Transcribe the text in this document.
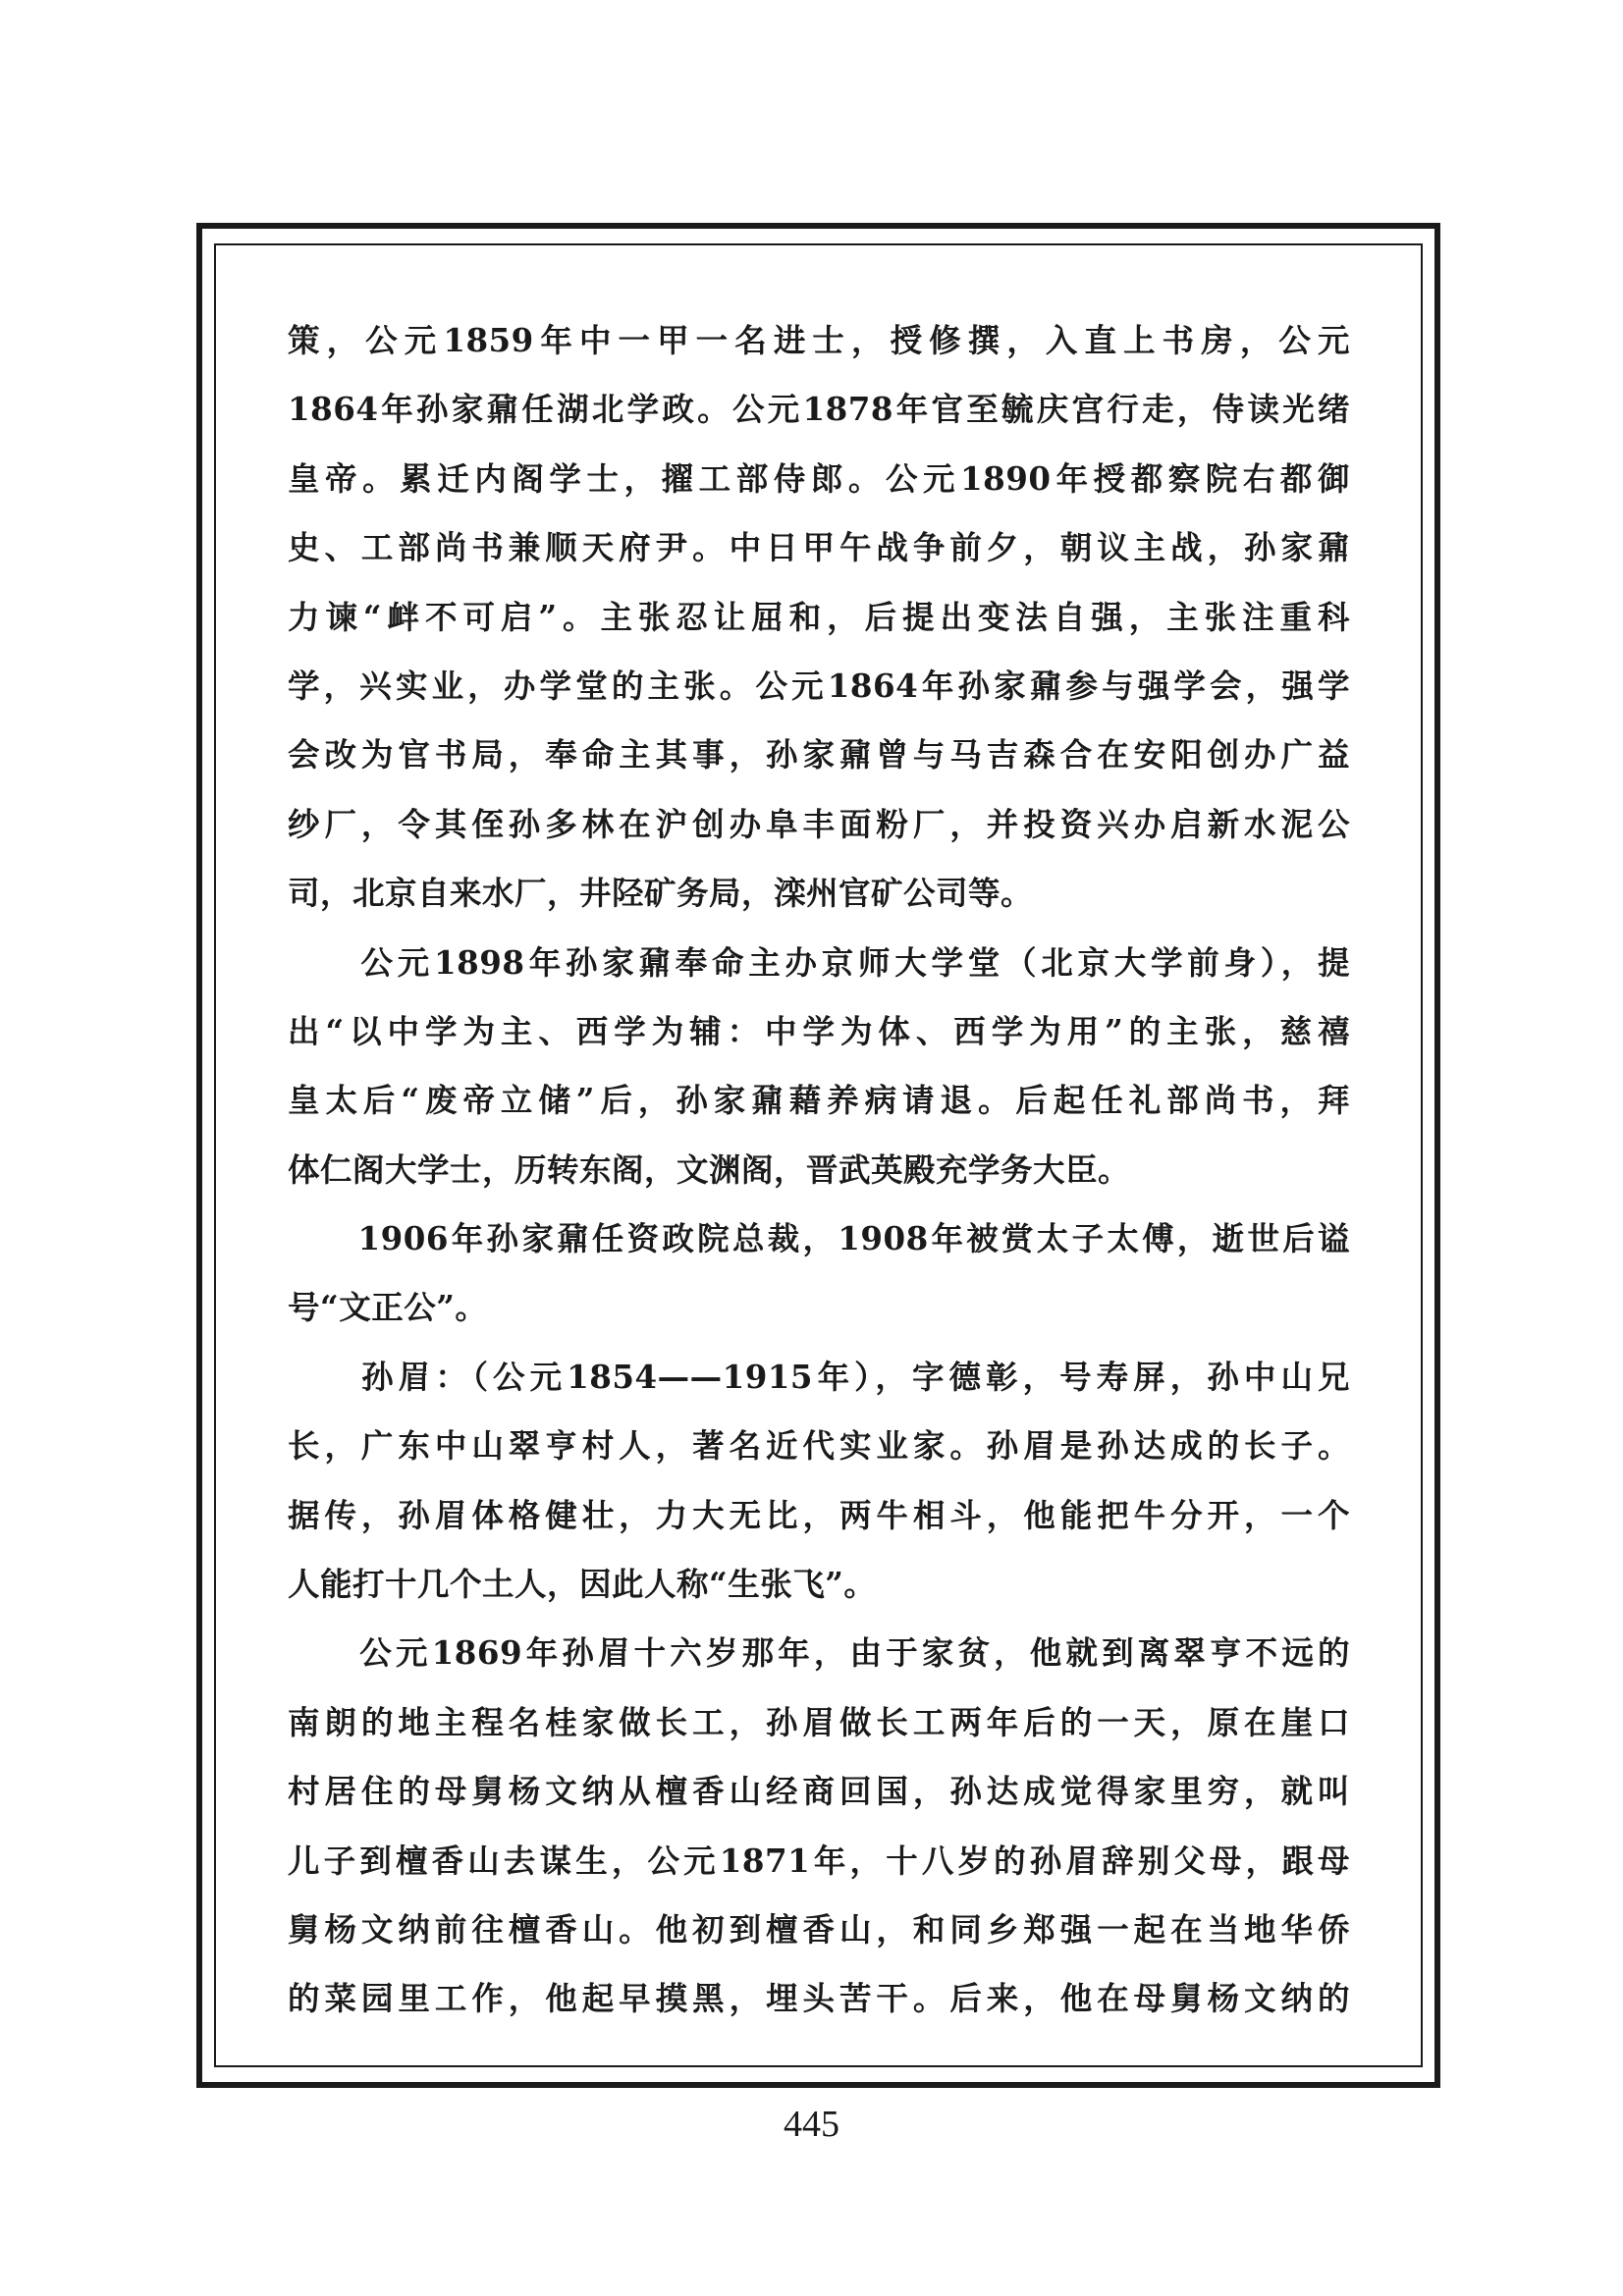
策，公元1859年中一甲一名进士，授修撰，入直上书房，公元
1864年孙家鼐任湖北学政。公元1878年官至毓庆宫行走，侍读光绪
皇帝。累迁内阁学士，擢工部侍郎。公元1890年授都察院右都御
史、工部尚书兼顺天府尹。中日甲午战争前夕，朝议主战，孙家鼐
力谏“衅不可启”。主张忍让屈和，后提出变法自强，主张注重科
学，兴实业，办学堂的主张。公元1864年孙家鼐参与强学会，强学
会改为官书局，奉命主其事，孙家鼐曾与马吉森合在安阳创办广益
纱厂，令其侄孙多林在沪创办阜丰面粉厂，并投资兴办启新水泥公
司，北京自来水厂，井陉矿务局，滦州官矿公司等。
　　公元1898年孙家鼐奉命主办京师大学堂（北京大学前身），提
出“以中学为主、西学为辅：中学为体、西学为用”的主张，慈禧
皇太后“废帝立储”后，孙家鼐藉养病请退。后起任礼部尚书，拜
体仁阁大学士，历转东阁，文渊阁，晋武英殿充学务大臣。
　　1906年孙家鼐任资政院总裁，1908年被赏太子太傅，逝世后谥
号“文正公”。
　　孙眉：（公元1854——1915年），字德彰，号寿屏，孙中山兄
长，广东中山翠亨村人，著名近代实业家。孙眉是孙达成的长子。
据传，孙眉体格健壮，力大无比，两牛相斗，他能把牛分开，一个
人能打十几个土人，因此人称“生张飞”。
　　公元1869年孙眉十六岁那年，由于家贫，他就到离翠亨不远的
南朗的地主程名桂家做长工，孙眉做长工两年后的一天，原在崖口
村居住的母舅杨文纳从檀香山经商回国，孙达成觉得家里穷，就叫
儿子到檀香山去谋生，公元1871年，十八岁的孙眉辞别父母，跟母
舅杨文纳前往檀香山。他初到檀香山，和同乡郑强一起在当地华侨
的菜园里工作，他起早摸黑，埋头苦干。后来，他在母舅杨文纳的
445
